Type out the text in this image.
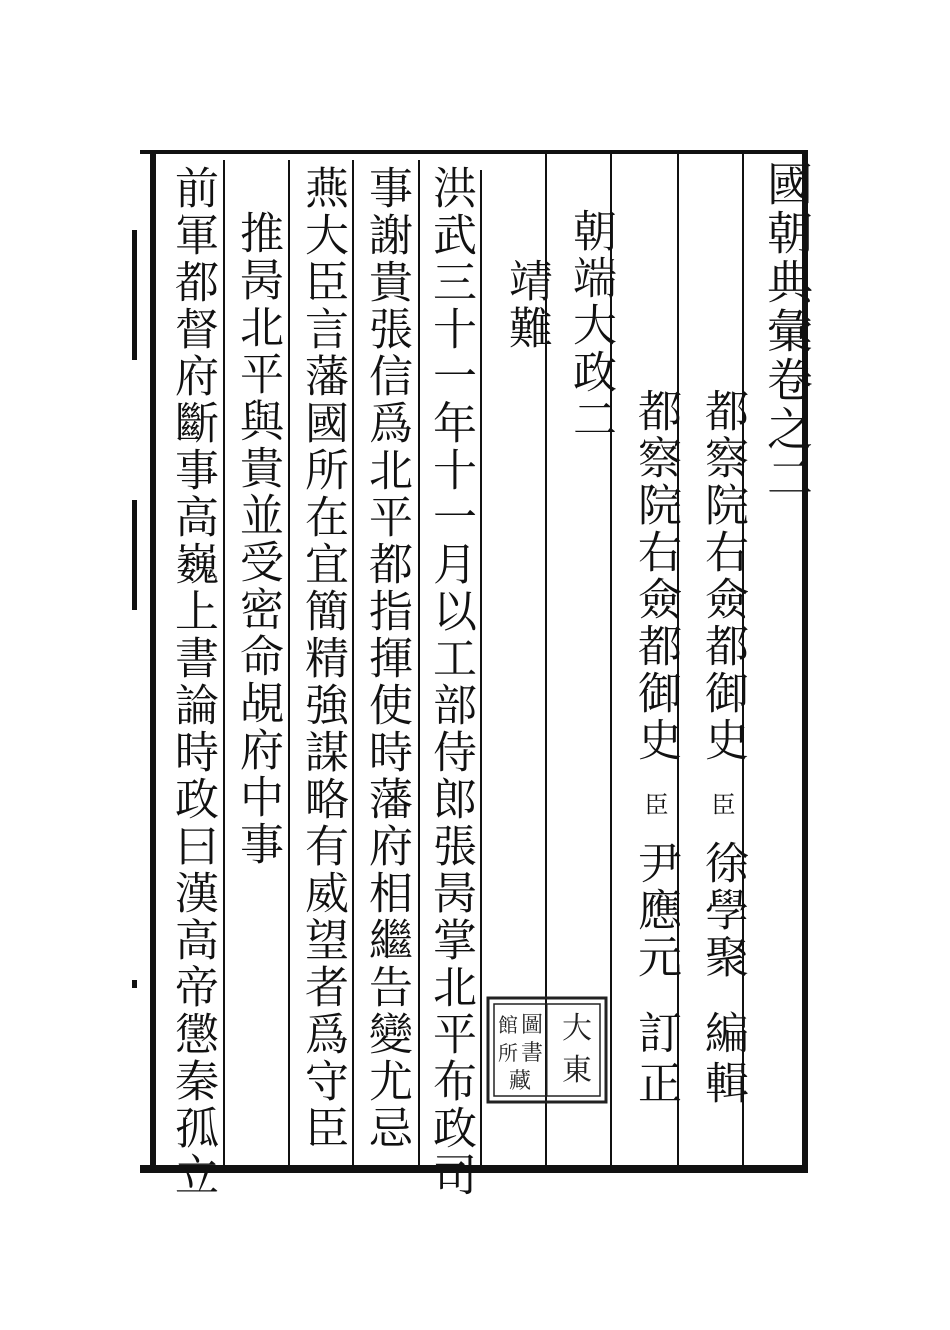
國朝典彙卷之二
都察院右僉都御史
臣
徐學聚
編輯
都察院右僉都御史
臣
尹應元
訂正
朝端大政二
靖難
大
東
圖
書
館
所
藏
洪武三十一年十一月以工部侍郎張昺掌北平布政司
事謝貴張信爲北平都指揮使時藩府相繼告變尤忌
燕大臣言藩國所在宜簡精強謀略有威望者爲守臣
推昺北平與貴並受密命覘府中事
前軍都督府斷事高巍上書論時政曰漢高帝懲秦孤立
